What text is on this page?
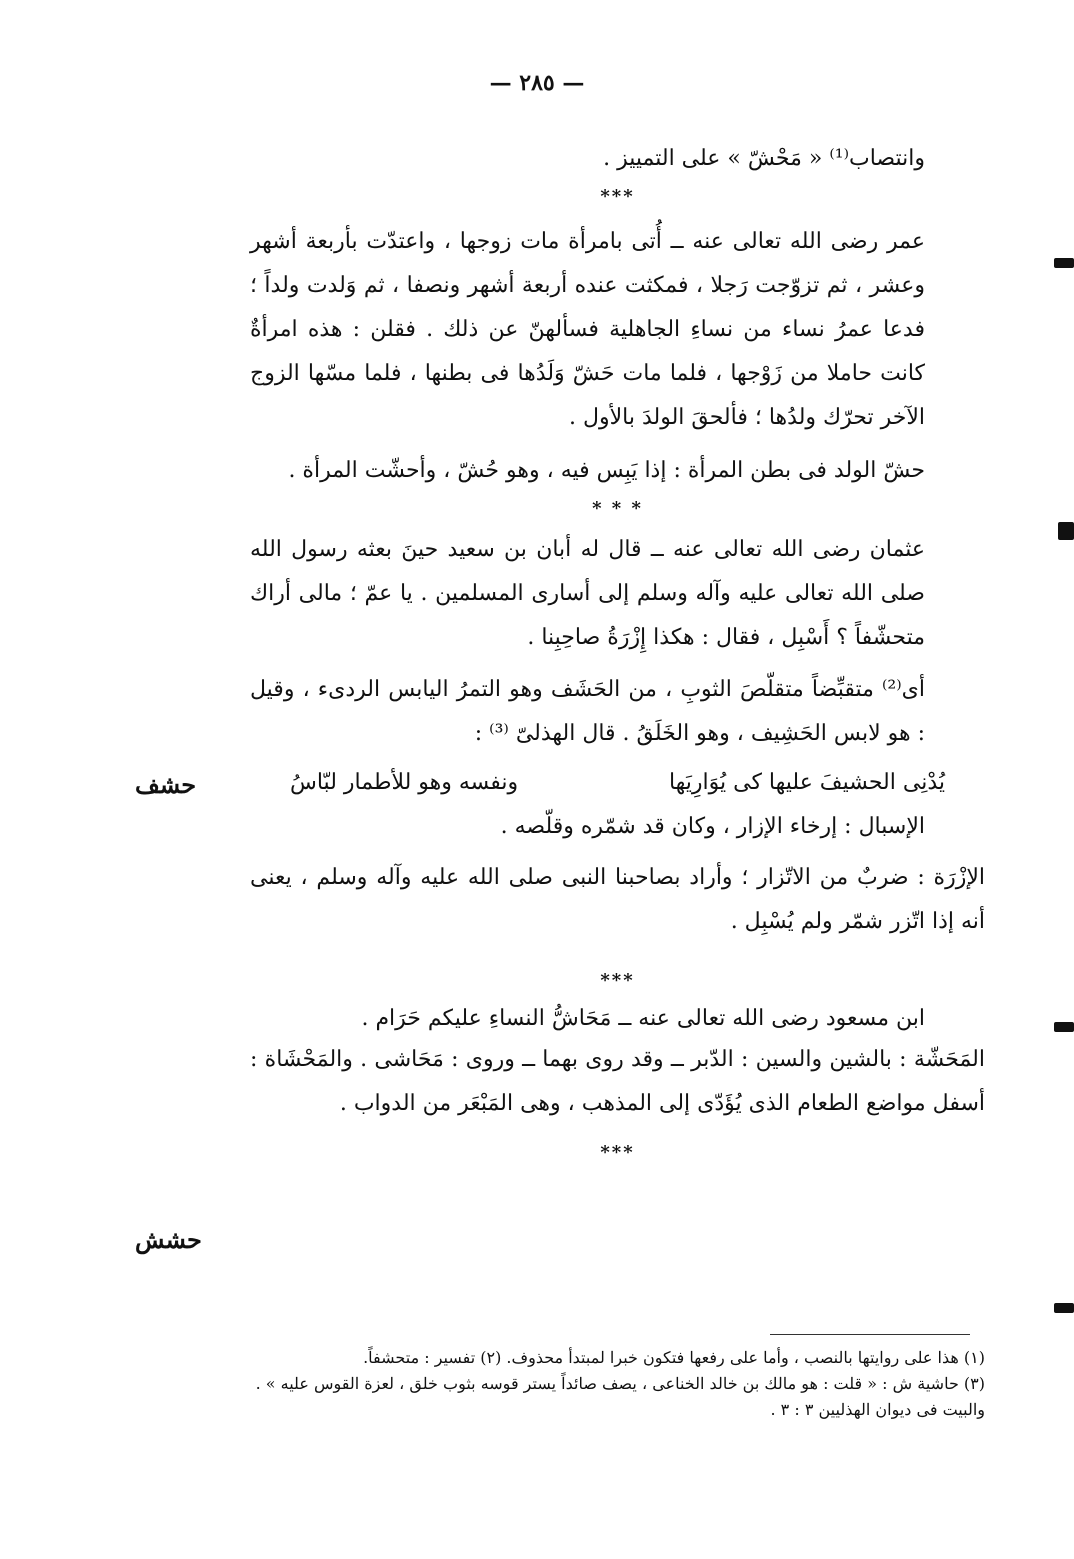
— ٢٨٥ —

وانتصاب⁽¹⁾ « مَحْشّ » على التمييز .

***

عمر رضى الله تعالى عنه ــ أُتى بامرأة مات زوجها ، واعتدّت بأربعة أشهر وعشر ، ثم تزوّجت رَجلا ، فمكثت عنده أربعة أشهر ونصفا ، ثم وَلدت ولداً ؛ فدعا عمرُ نساء من نساءِ الجاهلية فسألهنّ عن ذلك . فقلن : هذه امرأةٌ كانت حاملا من زَوْجها ، فلما مات حَشّ وَلَدُها فى بطنها ، فلما مسّها الزوج الآخر تحرّك ولدُها ؛ فألحقَ الولدَ بالأول .

حشّ الولد فى بطن المرأة : إذا يَبِس فيه ، وهو حُشّ ، وأحشّت المرأة .

* * *

عثمان رضى الله تعالى عنه ــ قال له أبان بن سعيد حينَ بعثه رسول الله صلى الله تعالى عليه وآله وسلم إلى أسارى المسلمين . يا عمّ ؛ مالى أراك متحشّفاً ؟ أَسْبِل ، فقال : هكذا إِزْرَةُ صاحِبِنا .

أى⁽²⁾ متقبِّضاً متقلّصَ الثوبِ ، من الحَشَف وهو التمرُ اليابس الردىء ، وقيل : هو لابس الحَشِيف ، وهو الخَلَقُ . قال الهذلىّ ⁽³⁾ :

يُدْنِى الحشيفَ عليها كى يُوَارِيَها
ونفسه وهو للأطمار لبّاسُ

الإسبال : إرخاء الإزار ، وكان قد شمّره وقلّصه .

الإزْرَة : ضربٌ من الاتّزار ؛ وأراد بصاحبنا النبى صلى الله عليه وآله وسلم ، يعنى أنه إذا اتّزر شمّر ولم يُسْبِل .

***

ابن مسعود رضى الله تعالى عنه ــ مَحَاشُّ النساءِ عليكم حَرَام .

المَحَشّة : بالشين والسين : الدّبر ــ وقد روى بهما ــ وروى : مَحَاشى . والمَحْشَاة : أسفل مواضع الطعام الذى يُؤَدّى إلى المذهب ، وهى المَبْعَر من الدواب .

***

حشف
حشش

(١) هذا على روايتها بالنصب ، وأما على رفعها فتكون خبرا لمبتدأ محذوف. (٢) تفسير : متحشفاً.

(٣) حاشية ش : « قلت : هو مالك بن خالد الخناعى ، يصف صائداً يستر قوسه بثوب خلق ، لعزة القوس عليه » .

والبيت فى ديوان الهذليين ٣ : ٣ .
